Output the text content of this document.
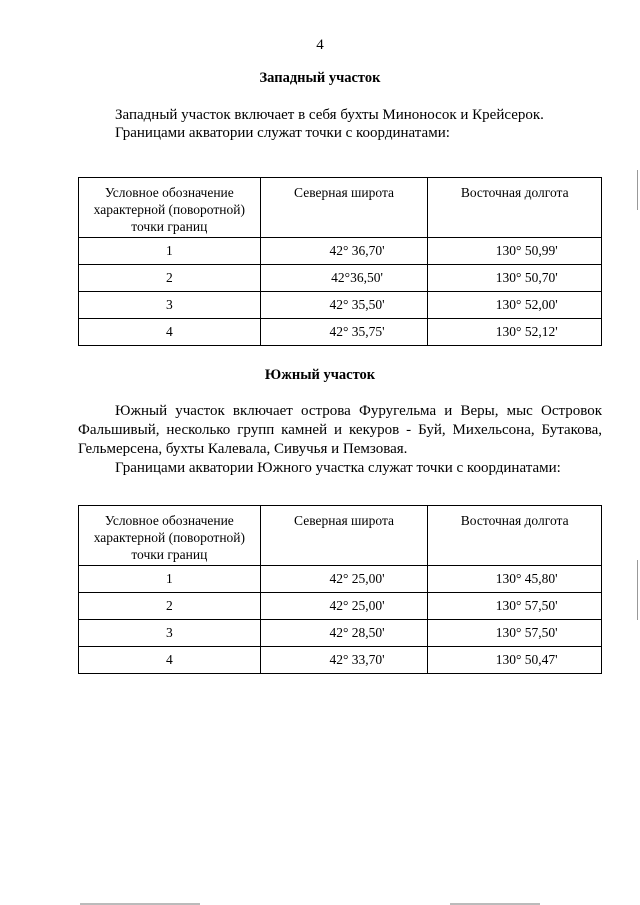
4
Западный участок
Западный участок включает в себя бухты Миноносок и Крейсерок.
Границами акватории служат точки с координатами:
Условное обозначение характерной (поворотной) точки границ	Северная широта	Восточная долгота
1	42° 36,70'	130° 50,99'
2	42°36,50'	130° 50,70'
3	42° 35,50'	130° 52,00'
4	42° 35,75'	130° 52,12'
Южный участок
Южный участок включает острова Фуругельма и Веры, мыс Островок Фальшивый, несколько групп камней и кекуров - Буй, Михельсона, Бутакова, Гельмерсена, бухты Калевала, Сивучья и Пемзовая.
Границами акватории Южного участка служат точки с координатами:
Условное обозначение характерной (поворотной) точки границ	Северная широта	Восточная долгота
1	42° 25,00'	130° 45,80'
2	42° 25,00'	130° 57,50'
3	42° 28,50'	130° 57,50'
4	42° 33,70'	130° 50,47'
